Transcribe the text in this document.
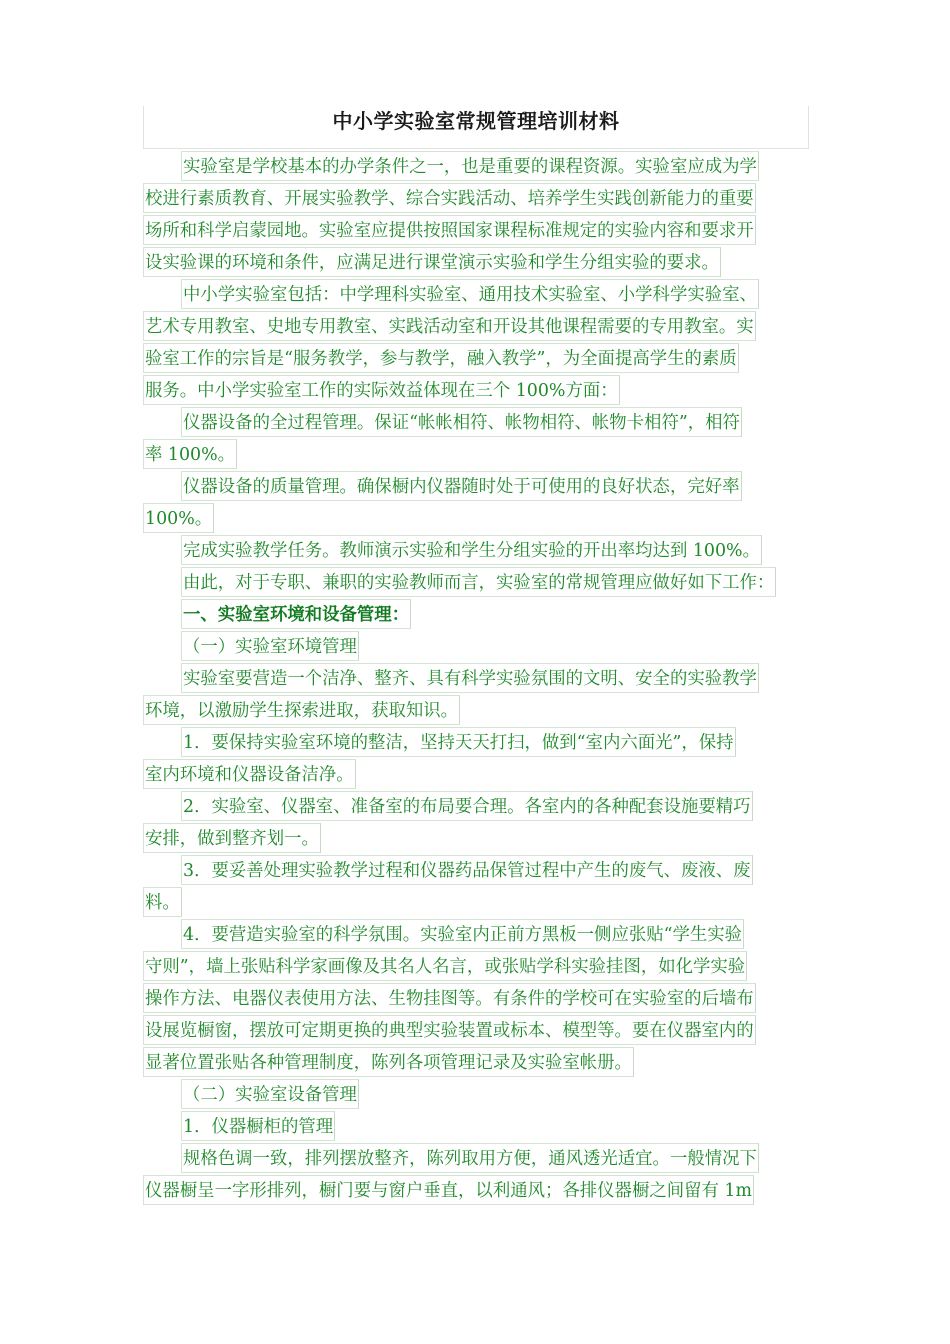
中小学实验室常规管理培训材料
实验室是学校基本的办学条件之一，也是重要的课程资源。实验室应成为学
校进行素质教育、开展实验教学、综合实践活动、培养学生实践创新能力的重要
场所和科学启蒙园地。实验室应提供按照国家课程标准规定的实验内容和要求开
设实验课的环境和条件，应满足进行课堂演示实验和学生分组实验的要求。
中小学实验室包括：中学理科实验室、通用技术实验室、小学科学实验室、
艺术专用教室、史地专用教室、实践活动室和开设其他课程需要的专用教室。实
验室工作的宗旨是“服务教学，参与教学，融入教学”，为全面提高学生的素质
服务。中小学实验室工作的实际效益体现在三个 100%方面：
仪器设备的全过程管理。保证“帐帐相符、帐物相符、帐物卡相符”，相符
率 100%。
仪器设备的质量管理。确保橱内仪器随时处于可使用的良好状态，完好率
100%。
完成实验教学任务。教师演示实验和学生分组实验的开出率均达到 100%。
由此，对于专职、兼职的实验教师而言，实验室的常规管理应做好如下工作：
一、实验室环境和设备管理：
（一）实验室环境管理
实验室要营造一个洁净、整齐、具有科学实验氛围的文明、安全的实验教学
环境，以激励学生探索进取，获取知识。
1．要保持实验室环境的整洁，坚持天天打扫，做到“室内六面光”，保持
室内环境和仪器设备洁净。
2．实验室、仪器室、准备室的布局要合理。各室内的各种配套设施要精巧
安排，做到整齐划一。
3．要妥善处理实验教学过程和仪器药品保管过程中产生的废气、废液、废
料。
4．要营造实验室的科学氛围。实验室内正前方黑板一侧应张贴“学生实验
守则”，墙上张贴科学家画像及其名人名言，或张贴学科实验挂图，如化学实验
操作方法、电器仪表使用方法、生物挂图等。有条件的学校可在实验室的后墙布
设展览橱窗，摆放可定期更换的典型实验装置或标本、模型等。要在仪器室内的
显著位置张贴各种管理制度，陈列各项管理记录及实验室帐册。
（二）实验室设备管理
1．仪器橱柜的管理
规格色调一致，排列摆放整齐，陈列取用方便，通风透光适宜。一般情况下
仪器橱呈一字形排列，橱门要与窗户垂直，以利通风；各排仪器橱之间留有 1m
